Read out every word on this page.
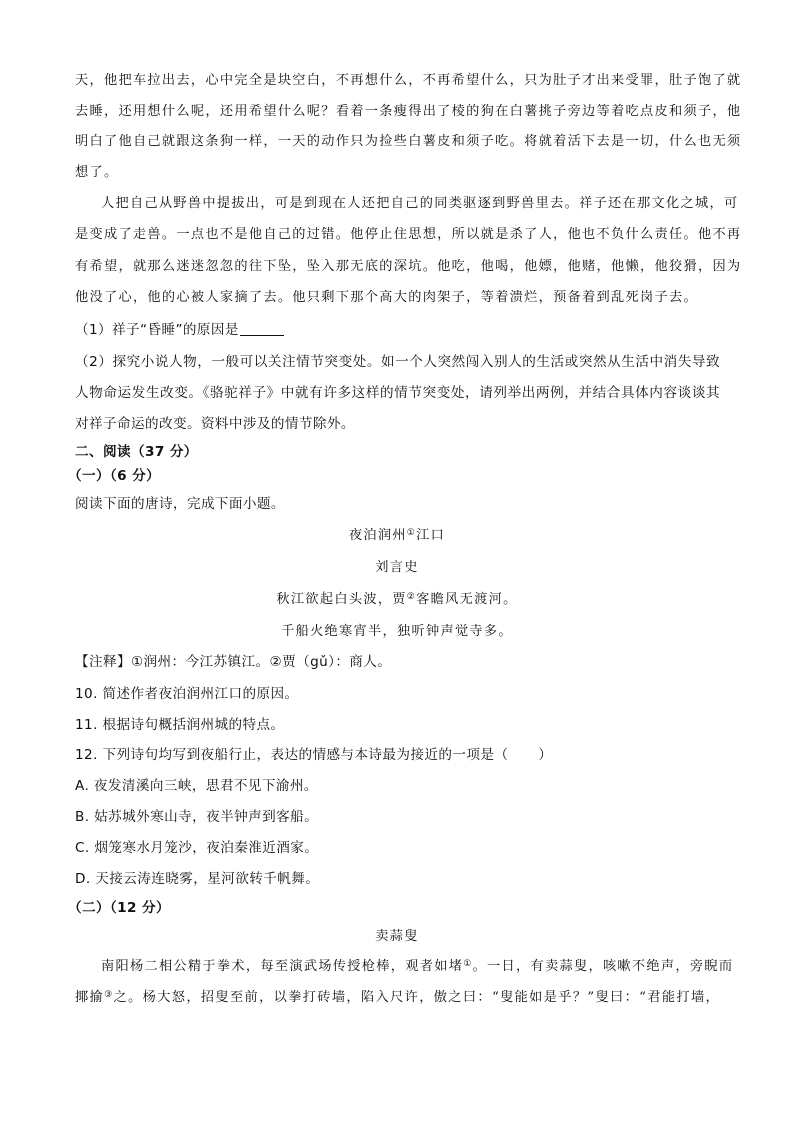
天，他把车拉出去，心中完全是块空白，不再想什么，不再希望什么，只为肚子才出来受罪，肚子饱了就
去睡，还用想什么呢，还用希望什么呢？看着一条瘦得出了棱的狗在白薯挑子旁边等着吃点皮和须子，他
明白了他自己就跟这条狗一样，一天的动作只为捡些白薯皮和须子吃。将就着活下去是一切，什么也无须
想了。
人把自己从野兽中提拔出，可是到现在人还把自己的同类驱逐到野兽里去。祥子还在那文化之城，可
是变成了走兽。一点也不是他自己的过错。他停止住思想，所以就是杀了人，他也不负什么责任。他不再
有希望，就那么迷迷忽忽的往下坠，坠入那无底的深坑。他吃，他喝，他嫖，他赌，他懒，他狡猾，因为
他没了心，他的心被人家摘了去。他只剩下那个高大的肉架子，等着溃烂，预备着到乱死岗子去。
（1）祥子“昏睡”的原因是
（2）探究小说人物，一般可以关注情节突变处。如一个人突然闯入别人的生活或突然从生活中消失导致
人物命运发生改变。《骆驼祥子》中就有许多这样的情节突变处，请列举出两例，并结合具体内容谈谈其
对祥子命运的改变。资料中涉及的情节除外。
二、阅读（37 分）
（一）（6 分）
阅读下面的唐诗，完成下面小题。
夜泊润州①江口
刘言史
秋江欲起白头波，贾②客瞻风无渡河。
千船火绝寒宵半，独听钟声觉寺多。
【注释】①润州：今江苏镇江。②贾（gǔ）：商人。
10. 简述作者夜泊润州江口的原因。
11. 根据诗句概括润州城的特点。
12. 下列诗句均写到夜船行止，表达的情感与本诗最为接近的一项是（ ）
A. 夜发清溪向三峡，思君不见下渝州。
B. 姑苏城外寒山寺，夜半钟声到客船。
C. 烟笼寒水月笼沙，夜泊秦淮近酒家。
D. 天接云涛连晓雾，星河欲转千帆舞。
（二）（12 分）
卖蒜叟
南阳杨二相公精于拳术，每至演武场传授枪棒，观者如堵①。一日，有卖蒜叟，咳嗽不绝声，旁睨而
揶揄③之。杨大怒，招叟至前，以拳打砖墙，陷入尺许，傲之曰：“叟能如是乎？”叟曰：“君能打墙，
